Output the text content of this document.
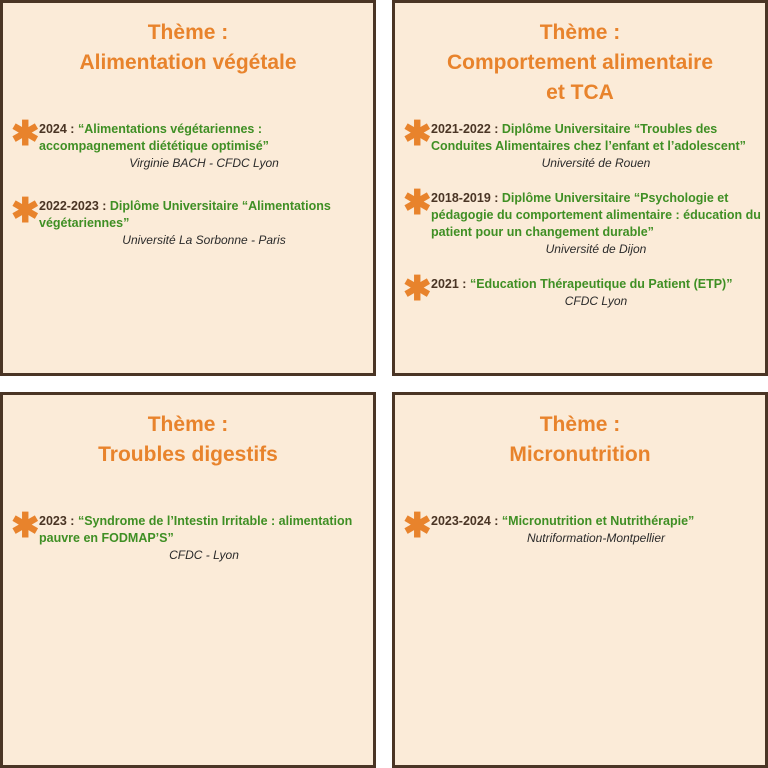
Thème :
Alimentation végétale
✱ 2024 : “Alimentations végétariennes : accompagnement diététique optimisé”
Virginie BACH - CFDC Lyon
✱ 2022-2023 : Diplôme Universitaire “Alimentations végétariennes”
Université La Sorbonne - Paris
Thème :
Comportement alimentaire
et TCA
✱ 2021-2022 : Diplôme Universitaire “Troubles des Conduites Alimentaires chez l’enfant et l’adolescent”
Université de Rouen
✱ 2018-2019 : Diplôme Universitaire “Psychologie et pédagogie du comportement alimentaire : éducation du patient pour un changement durable”
Université de Dijon
✱ 2021 : “Education Thérapeutique du Patient (ETP)”
CFDC Lyon
Thème :
Troubles digestifs
✱ 2023 : “Syndrome de l’Intestin Irritable : alimentation pauvre en FODMAP’S”
CFDC - Lyon
Thème :
Micronutrition
✱ 2023-2024 : “Micronutrition et Nutrithérapie”
Nutriformation-Montpellier
